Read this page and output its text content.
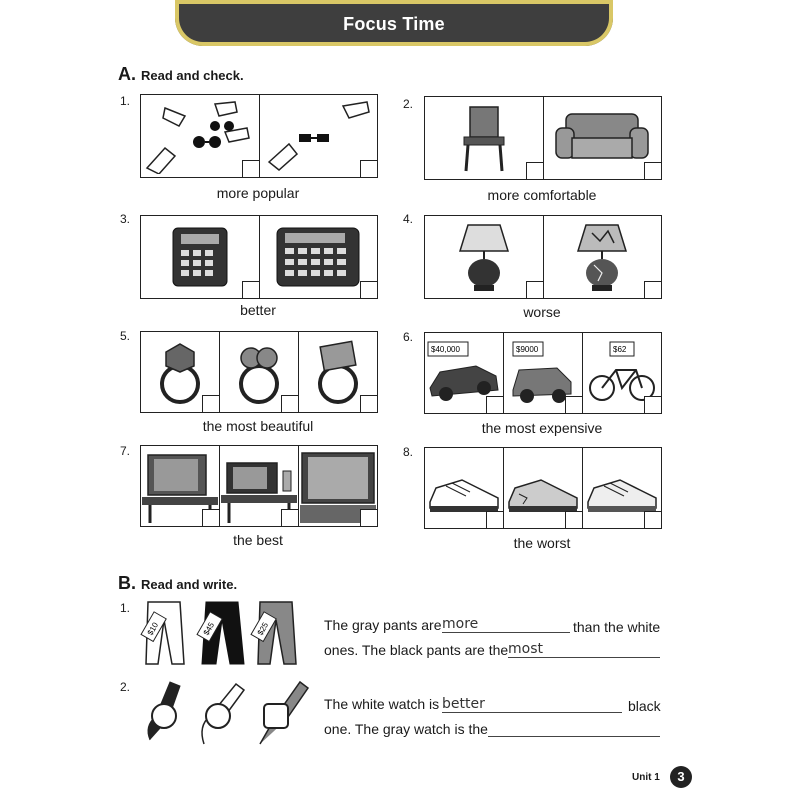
Focus Time
A. Read and check.
1.
more popular
2.
more comfortable
3.
better
4.
worse
5.
the most beautiful
6.
$40,000	$9000	$62
the most expensive
7.
the best
8.
the worst
B. Read and write.
1.
$10	$45	$25	The gray pants are more	than the white
ones. The black pants are the most
2.
The white watch is better	black
one. The gray watch is the
Unit 1	3
